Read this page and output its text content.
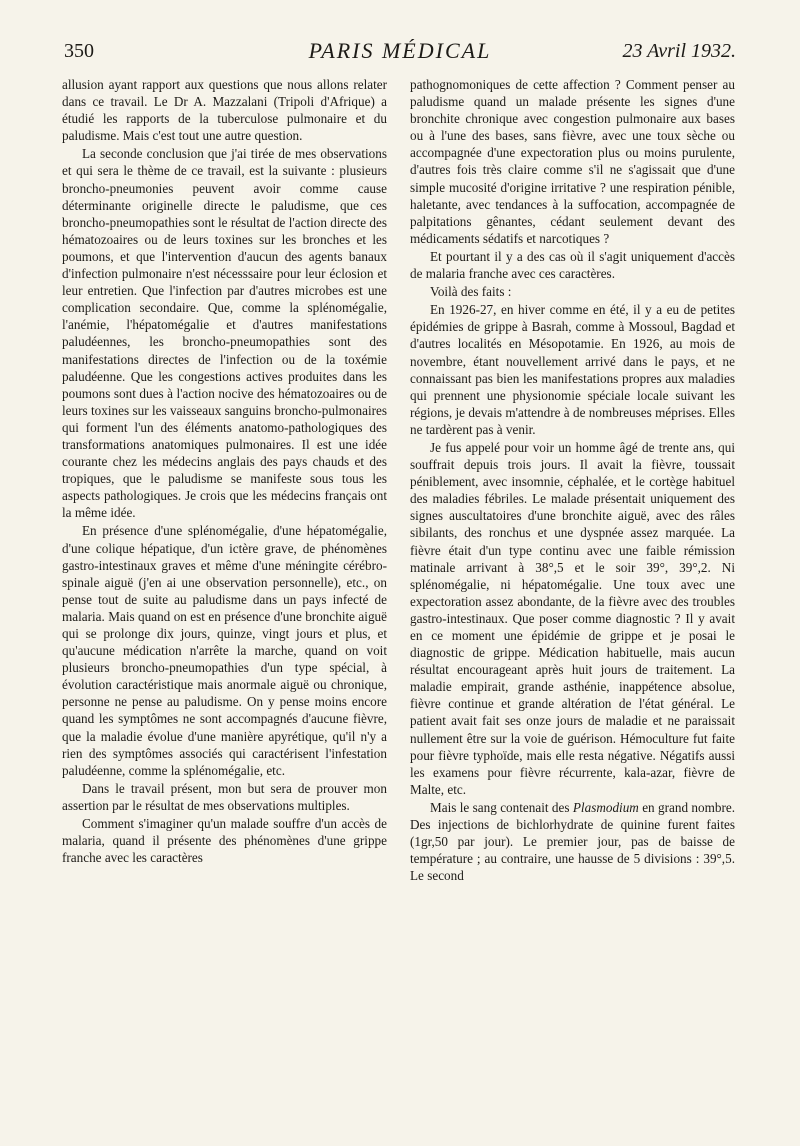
350	PARIS MÉDICAL	23 Avril 1932.

allusion ayant rapport aux questions que nous allons relater dans ce travail. Le Dr A. Mazzalani (Tripoli d'Afrique) a étudié les rapports de la tuberculose pulmonaire et du paludisme. Mais c'est tout une autre question.

La seconde conclusion que j'ai tirée de mes observations et qui sera le thème de ce travail, est la suivante : plusieurs broncho-pneumonies peuvent avoir comme cause déterminante originelle directe le paludisme, que ces broncho-pneumopathies sont le résultat de l'action directe des hématozoaires ou de leurs toxines sur les bronches et les poumons, et que l'intervention d'aucun des agents banaux d'infection pulmonaire n'est nécesssaire pour leur éclosion et leur entretien. Que l'infection par d'autres microbes est une complication secondaire. Que, comme la splénomégalie, l'anémie, l'hépatomégalie et d'autres manifestations paludéennes, les broncho-pneumopathies sont des manifestations directes de l'infection ou de la toxémie paludéenne. Que les congestions actives produites dans les poumons sont dues à l'action nocive des hématozoaires ou de leurs toxines sur les vaisseaux sanguins broncho-pulmonaires qui forment l'un des éléments anatomo-pathologiques des transformations anatomiques pulmonaires. Il est une idée courante chez les médecins anglais des pays chauds et des tropiques, que le paludisme se manifeste sous tous les aspects pathologiques. Je crois que les médecins français ont la même idée.

En présence d'une splénomégalie, d'une hépatomégalie, d'une colique hépatique, d'un ictère grave, de phénomènes gastro-intestinaux graves et même d'une méningite cérébro-spinale aiguë (j'en ai une observation personnelle), etc., on pense tout de suite au paludisme dans un pays infecté de malaria. Mais quand on est en présence d'une bronchite aiguë qui se prolonge dix jours, quinze, vingt jours et plus, et qu'aucune médication n'arrête la marche, quand on voit plusieurs broncho-pneumopathies d'un type spécial, à évolution caractéristique mais anormale aiguë ou chronique, personne ne pense au paludisme. On y pense moins encore quand les symptômes ne sont accompagnés d'aucune fièvre, que la maladie évolue d'une manière apyrétique, qu'il n'y a rien des symptômes associés qui caractérisent l'infestation paludéenne, comme la splénomégalie, etc.

Dans le travail présent, mon but sera de prouver mon assertion par le résultat de mes observations multiples.

Comment s'imaginer qu'un malade souffre d'un accès de malaria, quand il présente des phénomènes d'une grippe franche avec les caractères

pathognomoniques de cette affection ? Comment penser au paludisme quand un malade présente les signes d'une bronchite chronique avec congestion pulmonaire aux bases ou à l'une des bases, sans fièvre, avec une toux sèche ou accompagnée d'une expectoration plus ou moins purulente, d'autres fois très claire comme s'il ne s'agissait que d'une simple mucosité d'origine irritative ? une respiration pénible, haletante, avec tendances à la suffocation, accompagnée de palpitations gênantes, cédant seulement devant des médicaments sédatifs et narcotiques ?

Et pourtant il y a des cas où il s'agit uniquement d'accès de malaria franche avec ces caractères.

Voilà des faits :

En 1926-27, en hiver comme en été, il y a eu de petites épidémies de grippe à Basrah, comme à Mossoul, Bagdad et d'autres localités en Mésopotamie. En 1926, au mois de novembre, étant nouvellement arrivé dans le pays, et ne connaissant pas bien les manifestations propres aux maladies qui prennent une physionomie spéciale locale suivant les régions, je devais m'attendre à de nombreuses méprises. Elles ne tardèrent pas à venir.

Je fus appelé pour voir un homme âgé de trente ans, qui souffrait depuis trois jours. Il avait la fièvre, toussait péniblement, avec insomnie, céphalée, et le cortège habituel des maladies fébriles. Le malade présentait uniquement des signes auscultatoires d'une bronchite aiguë, avec des râles sibilants, des ronchus et une dyspnée assez marquée. La fièvre était d'un type continu avec une faible rémission matinale arrivant à 38°,5 et le soir 39°, 39°,2. Ni splénomégalie, ni hépatomégalie. Une toux avec une expectoration assez abondante, de la fièvre avec des troubles gastro-intestinaux. Que poser comme diagnostic ? Il y avait en ce moment une épidémie de grippe et je posai le diagnostic de grippe. Médication habituelle, mais aucun résultat encourageant après huit jours de traitement. La maladie empirait, grande asthénie, inappétence absolue, fièvre continue et grande altération de l'état général. Le patient avait fait ses onze jours de maladie et ne paraissait nullement être sur la voie de guérison. Hémoculture fut faite pour fièvre typhoïde, mais elle resta négative. Négatifs aussi les examens pour fièvre récurrente, kala-azar, fièvre de Malte, etc.

Mais le sang contenait des Plasmodium en grand nombre. Des injections de bichlorhydrate de quinine furent faites (1gr,50 par jour). Le premier jour, pas de baisse de température ; au contraire, une hausse de 5 divisions : 39°,5. Le second
